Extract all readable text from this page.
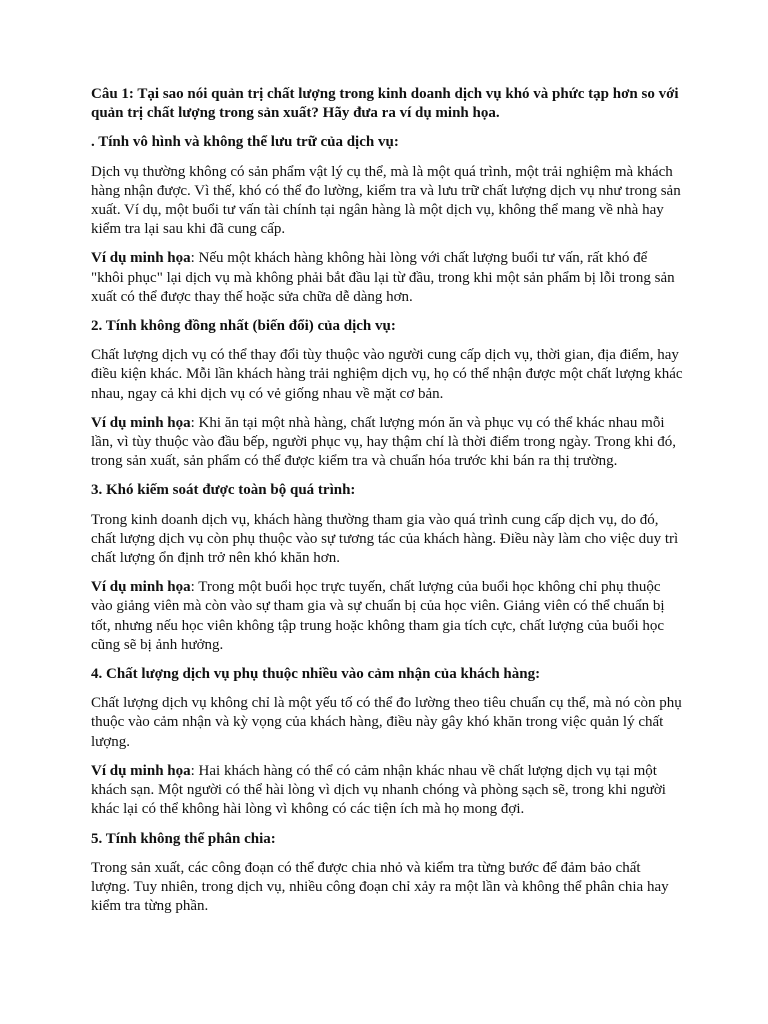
Câu 1: Tại sao nói quản trị chất lượng trong kinh doanh dịch vụ khó và phức tạp hơn so với quản trị chất lượng trong sản xuất? Hãy đưa ra ví dụ minh họa.

. Tính vô hình và không thể lưu trữ của dịch vụ:

Dịch vụ thường không có sản phẩm vật lý cụ thể, mà là một quá trình, một trải nghiệm mà khách hàng nhận được. Vì thế, khó có thể đo lường, kiểm tra và lưu trữ chất lượng dịch vụ như trong sản xuất. Ví dụ, một buổi tư vấn tài chính tại ngân hàng là một dịch vụ, không thể mang về nhà hay kiểm tra lại sau khi đã cung cấp.

Ví dụ minh họa: Nếu một khách hàng không hài lòng với chất lượng buổi tư vấn, rất khó để "khôi phục" lại dịch vụ mà không phải bắt đầu lại từ đầu, trong khi một sản phẩm bị lỗi trong sản xuất có thể được thay thế hoặc sửa chữa dễ dàng hơn.

2. Tính không đồng nhất (biến đổi) của dịch vụ:

Chất lượng dịch vụ có thể thay đổi tùy thuộc vào người cung cấp dịch vụ, thời gian, địa điểm, hay điều kiện khác. Mỗi lần khách hàng trải nghiệm dịch vụ, họ có thể nhận được một chất lượng khác nhau, ngay cả khi dịch vụ có vẻ giống nhau về mặt cơ bản.

Ví dụ minh họa: Khi ăn tại một nhà hàng, chất lượng món ăn và phục vụ có thể khác nhau mỗi lần, vì tùy thuộc vào đầu bếp, người phục vụ, hay thậm chí là thời điểm trong ngày. Trong khi đó, trong sản xuất, sản phẩm có thể được kiểm tra và chuẩn hóa trước khi bán ra thị trường.

3. Khó kiếm soát được toàn bộ quá trình:

Trong kinh doanh dịch vụ, khách hàng thường tham gia vào quá trình cung cấp dịch vụ, do đó, chất lượng dịch vụ còn phụ thuộc vào sự tương tác của khách hàng. Điều này làm cho việc duy trì chất lượng ổn định trở nên khó khăn hơn.

Ví dụ minh họa: Trong một buổi học trực tuyến, chất lượng của buổi học không chỉ phụ thuộc vào giảng viên mà còn vào sự tham gia và sự chuẩn bị của học viên. Giảng viên có thể chuẩn bị tốt, nhưng nếu học viên không tập trung hoặc không tham gia tích cực, chất lượng của buổi học cũng sẽ bị ảnh hưởng.

4. Chất lượng dịch vụ phụ thuộc nhiều vào cảm nhận của khách hàng:

Chất lượng dịch vụ không chỉ là một yếu tố có thể đo lường theo tiêu chuẩn cụ thể, mà nó còn phụ thuộc vào cảm nhận và kỳ vọng của khách hàng, điều này gây khó khăn trong việc quản lý chất lượng.

Ví dụ minh họa: Hai khách hàng có thể có cảm nhận khác nhau về chất lượng dịch vụ tại một khách sạn. Một người có thể hài lòng vì dịch vụ nhanh chóng và phòng sạch sẽ, trong khi người khác lại có thể không hài lòng vì không có các tiện ích mà họ mong đợi.

5. Tính không thể phân chia:

Trong sản xuất, các công đoạn có thể được chia nhỏ và kiểm tra từng bước để đảm bảo chất lượng. Tuy nhiên, trong dịch vụ, nhiều công đoạn chỉ xảy ra một lần và không thể phân chia hay kiểm tra từng phần.
